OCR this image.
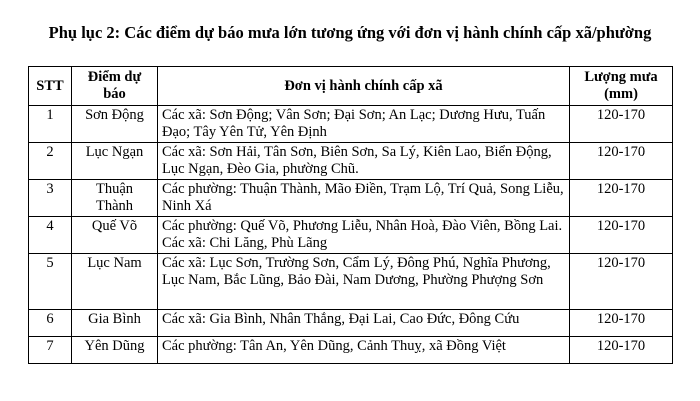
Phụ lục 2: Các điểm dự báo mưa lớn tương ứng với đơn vị hành chính cấp xã/phường
STT	Điểm dự báo	Đơn vị hành chính cấp xã	Lượng mưa (mm)
1	Sơn Động	Các xã: Sơn Động; Vân Sơn; Đại Sơn; An Lạc; Dương Hưu, Tuấn Đạo; Tây Yên Tử, Yên Định	120-170
2	Lục Ngạn	Các xã: Sơn Hải, Tân Sơn, Biên Sơn, Sa Lý, Kiên Lao, Biển Động, Lục Ngạn, Đèo Gia, phường Chũ.	120-170
3	Thuận Thành	Các phường: Thuận Thành, Mão Điền, Trạm Lộ, Trí Quả, Song Liễu, Ninh Xá	120-170
4	Quế Võ	Các phường: Quế Võ, Phương Liễu, Nhân Hoà, Đào Viên, Bồng Lai. Các xã: Chi Lăng, Phù Lãng	120-170
5	Lục Nam	Các xã: Lục Sơn, Trường Sơn, Cẩm Lý, Đông Phú, Nghĩa Phương, Lục Nam, Bắc Lũng, Bảo Đài, Nam Dương, Phường Phượng Sơn	120-170
6	Gia Bình	Các xã: Gia Bình, Nhân Thắng, Đại Lai, Cao Đức, Đông Cứu	120-170
7	Yên Dũng	Các phường: Tân An, Yên Dũng, Cảnh Thuỵ, xã Đồng Việt	120-170
